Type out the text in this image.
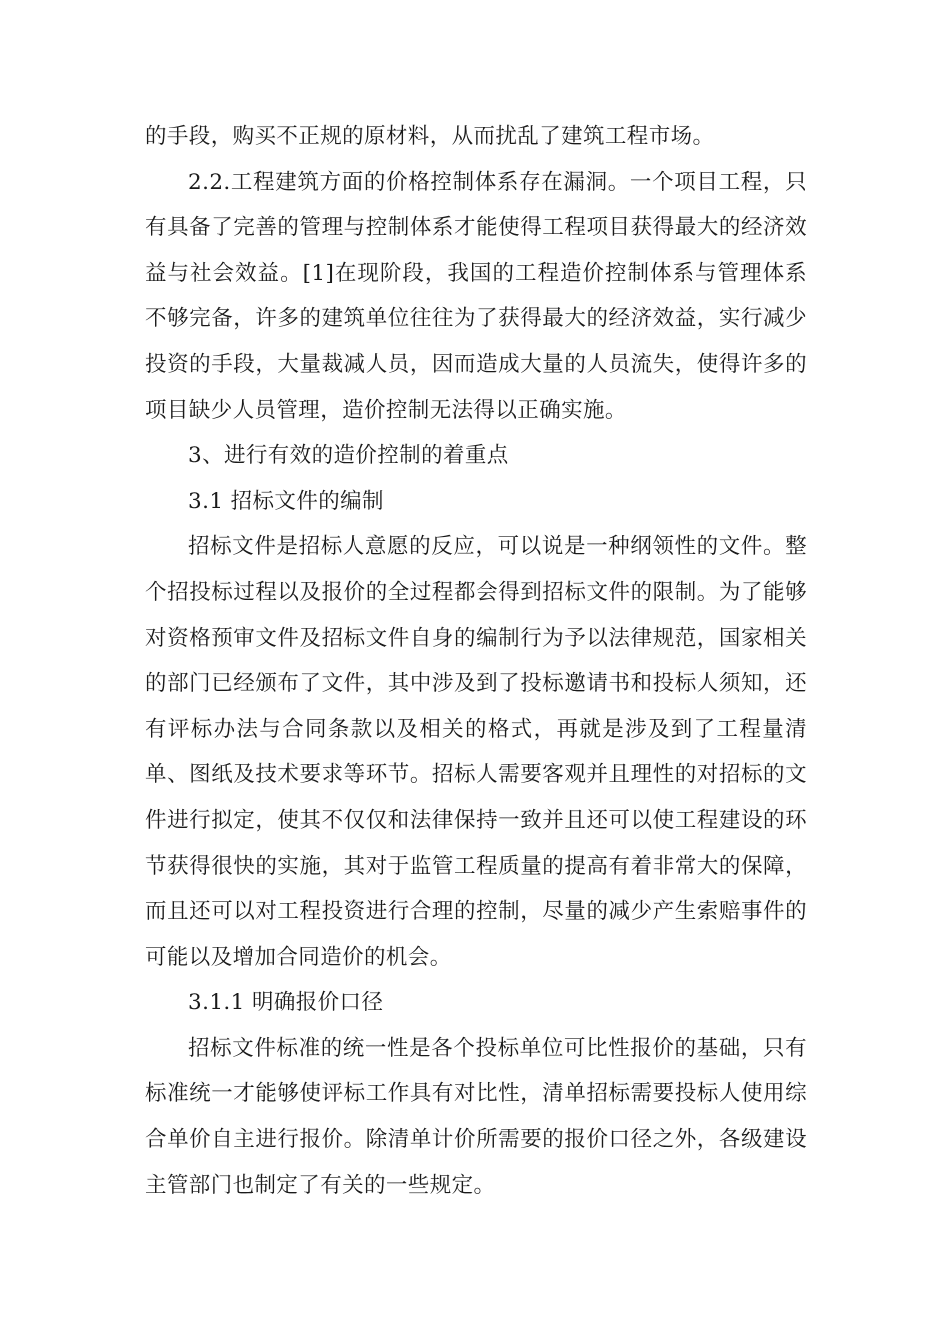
的手段，购买不正规的原材料，从而扰乱了建筑工程市场。

2.2.工程建筑方面的价格控制体系存在漏洞。一个项目工程，只有具备了完善的管理与控制体系才能使得工程项目获得最大的经济效益与社会效益。[1]在现阶段，我国的工程造价控制体系与管理体系不够完备，许多的建筑单位往往为了获得最大的经济效益，实行减少投资的手段，大量裁减人员，因而造成大量的人员流失，使得许多的项目缺少人员管理，造价控制无法得以正确实施。

3、进行有效的造价控制的着重点

3.1 招标文件的编制

招标文件是招标人意愿的反应，可以说是一种纲领性的文件。整个招投标过程以及报价的全过程都会得到招标文件的限制。为了能够对资格预审文件及招标文件自身的编制行为予以法律规范，国家相关的部门已经颁布了文件，其中涉及到了投标邀请书和投标人须知，还有评标办法与合同条款以及相关的格式，再就是涉及到了工程量清单、图纸及技术要求等环节。招标人需要客观并且理性的对招标的文件进行拟定，使其不仅仅和法律保持一致并且还可以使工程建设的环节获得很快的实施，其对于监管工程质量的提高有着非常大的保障，而且还可以对工程投资进行合理的控制，尽量的减少产生索赔事件的可能以及增加合同造价的机会。

3.1.1 明确报价口径

招标文件标准的统一性是各个投标单位可比性报价的基础，只有标准统一才能够使评标工作具有对比性，清单招标需要投标人使用综合单价自主进行报价。除清单计价所需要的报价口径之外，各级建设主管部门也制定了有关的一些规定。
